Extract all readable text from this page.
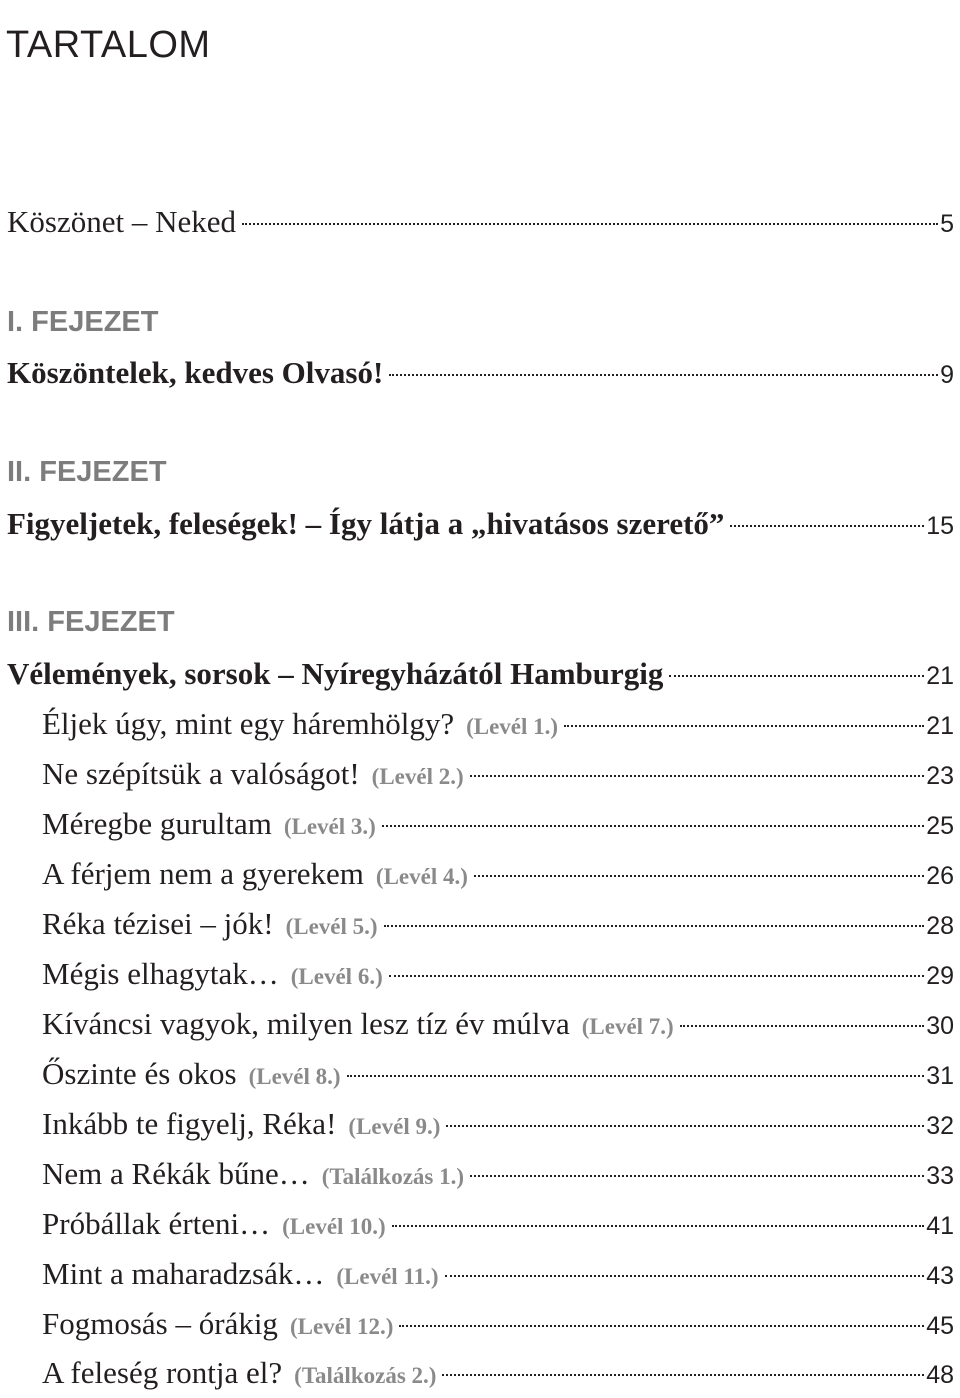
TARTALOM
Köszönet – Neked	5
I. FEJEZET
Köszöntelek, kedves Olvasó!	9
II. FEJEZET
Figyeljetek, feleségek! – Így látja a „hivatásos szerető”	15
III. FEJEZET
Vélemények, sorsok – Nyíregyházától Hamburgig	21
Éljek úgy, mint egy háremhölgy? (Levél 1.)	21
Ne szépítsük a valóságot! (Levél 2.)	23
Méregbe gurultam (Levél 3.)	25
A férjem nem a gyerekem (Levél 4.)	26
Réka tézisei – jók! (Levél 5.)	28
Mégis elhagytak… (Levél 6.)	29
Kíváncsi vagyok, milyen lesz tíz év múlva (Levél 7.)	30
Őszinte és okos (Levél 8.)	31
Inkább te figyelj, Réka! (Levél 9.)	32
Nem a Rékák bűne… (Találkozás 1.)	33
Próbállak érteni… (Levél 10.)	41
Mint a maharadzsák… (Levél 11.)	43
Fogmosás – órákig (Levél 12.)	45
A feleség rontja el? (Találkozás 2.)	48
